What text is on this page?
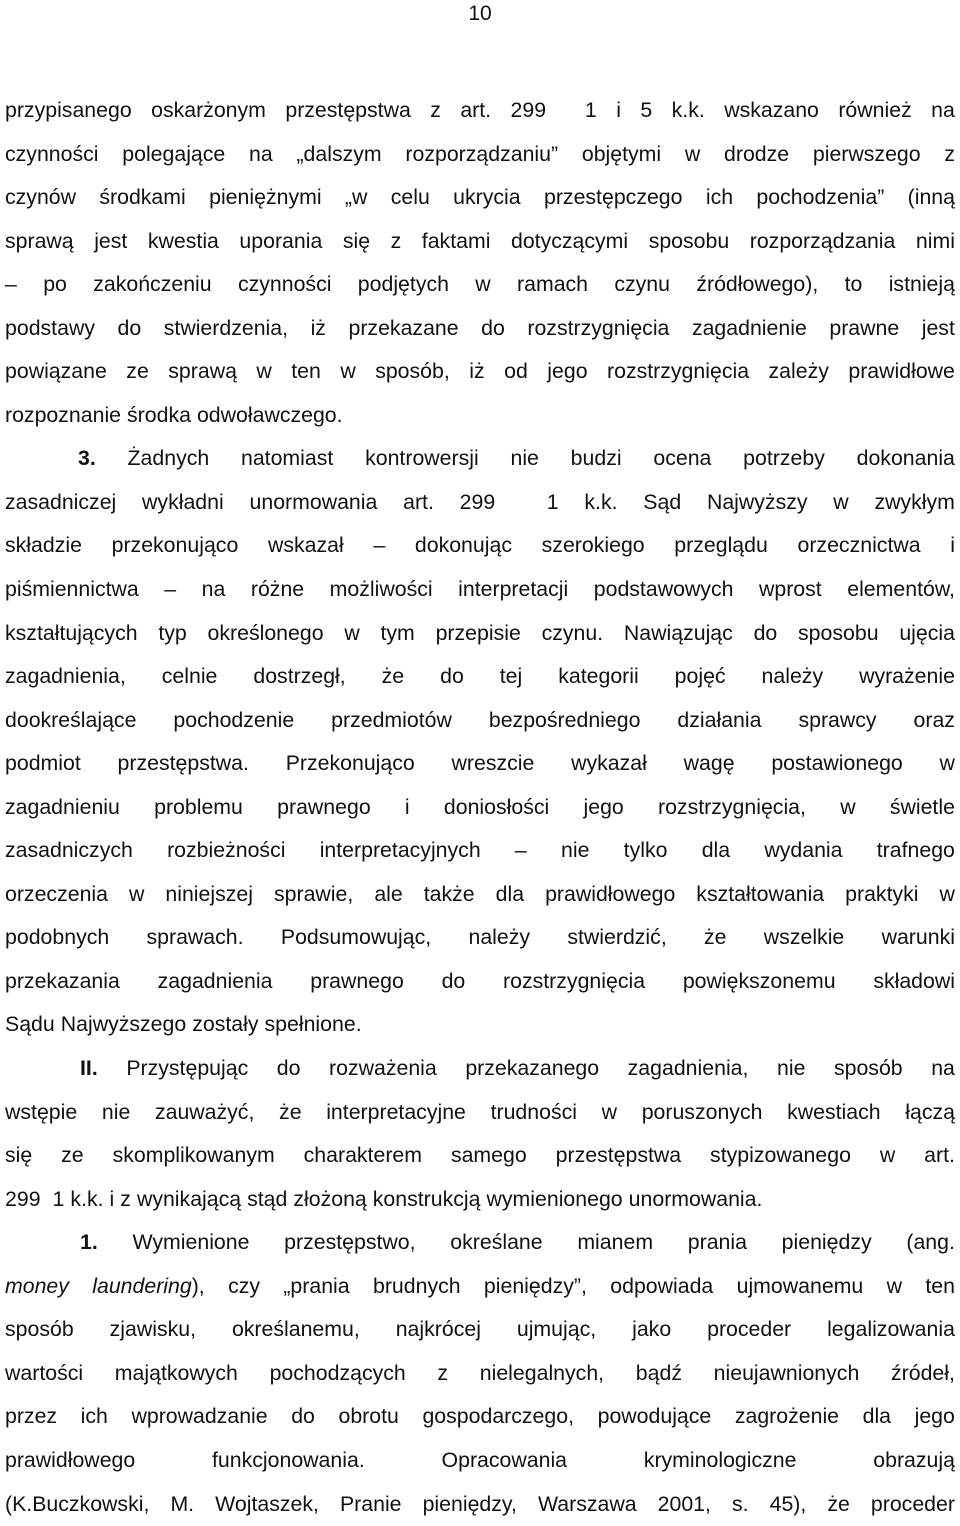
10
przypisanego oskarżonym przestępstwa z art. 299 1 i 5 k.k. wskazano również na
czynności polegające na „dalszym rozporządzaniu” objętymi w drodze pierwszego z
czynów środkami pieniężnymi „w celu ukrycia przestępczego ich pochodzenia” (inną
sprawą jest kwestia uporania się z faktami dotyczącymi sposobu rozporządzania nimi
– po zakończeniu czynności podjętych w ramach czynu źródłowego), to istnieją
podstawy do stwierdzenia, iż przekazane do rozstrzygnięcia zagadnienie prawne jest
powiązane ze sprawą w ten w sposób, iż od jego rozstrzygnięcia zależy prawidłowe
rozpoznanie środka odwoławczego.
3. Żadnych natomiast kontrowersji nie budzi ocena potrzeby dokonania
zasadniczej wykładni unormowania art. 299 1 k.k. Sąd Najwyższy w zwykłym
składzie przekonująco wskazał – dokonując szerokiego przeglądu orzecznictwa i
piśmiennictwa – na różne możliwości interpretacji podstawowych wprost elementów,
kształtujących typ określonego w tym przepisie czynu. Nawiązując do sposobu ujęcia
zagadnienia, celnie dostrzegł, że do tej kategorii pojęć należy wyrażenie
dookreślające pochodzenie przedmiotów bezpośredniego działania sprawcy oraz
podmiot przestępstwa. Przekonująco wreszcie wykazał wagę postawionego w
zagadnieniu problemu prawnego i doniosłości jego rozstrzygnięcia, w świetle
zasadniczych rozbieżności interpretacyjnych – nie tylko dla wydania trafnego
orzeczenia w niniejszej sprawie, ale także dla prawidłowego kształtowania praktyki w
podobnych sprawach. Podsumowując, należy stwierdzić, że wszelkie warunki
przekazania zagadnienia prawnego do rozstrzygnięcia powiększonemu składowi
Sądu Najwyższego zostały spełnione.
II. Przystępując do rozważenia przekazanego zagadnienia, nie sposób na
wstępie nie zauważyć, że interpretacyjne trudności w poruszonych kwestiach łączą
się ze skomplikowanym charakterem samego przestępstwa stypizowanego w art.
299 1 k.k. i z wynikającą stąd złożoną konstrukcją wymienionego unormowania.
1. Wymienione przestępstwo, określane mianem prania pieniędzy (ang.
money laundering), czy „prania brudnych pieniędzy”, odpowiada ujmowanemu w ten
sposób zjawisku, określanemu, najkrócej ujmując, jako proceder legalizowania
wartości majątkowych pochodzących z nielegalnych, bądź nieujawnionych źródeł,
przez ich wprowadzanie do obrotu gospodarczego, powodujące zagrożenie dla jego
prawidłowego	funkcjonowania.	Opracowania	kryminologiczne	obrazują
(K.Buczkowski, M. Wojtaszek, Pranie pieniędzy, Warszawa 2001, s. 45), że proceder
